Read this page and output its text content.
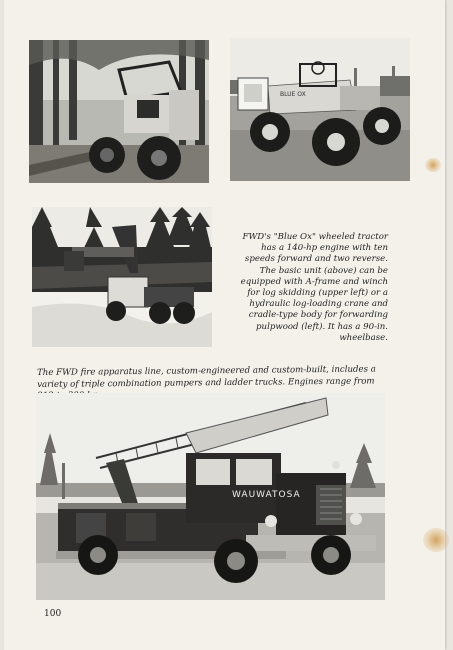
BLUE OX
FWD's "Blue Ox" wheeled tractor has a 140-hp engine with ten speeds forward and two reverse. The basic unit (above) can be equipped with A-frame and winch for log skidding (upper left) or a hydraulic log-loading crane and cradle-type body for forwarding pulpwood (left). It has a 90-in. wheelbase.
The FWD fire apparatus line, custom-engineered and custom-built, includes a variety of triple combination pumpers and ladder trucks. Engines range from
WAUWATOSA
100
